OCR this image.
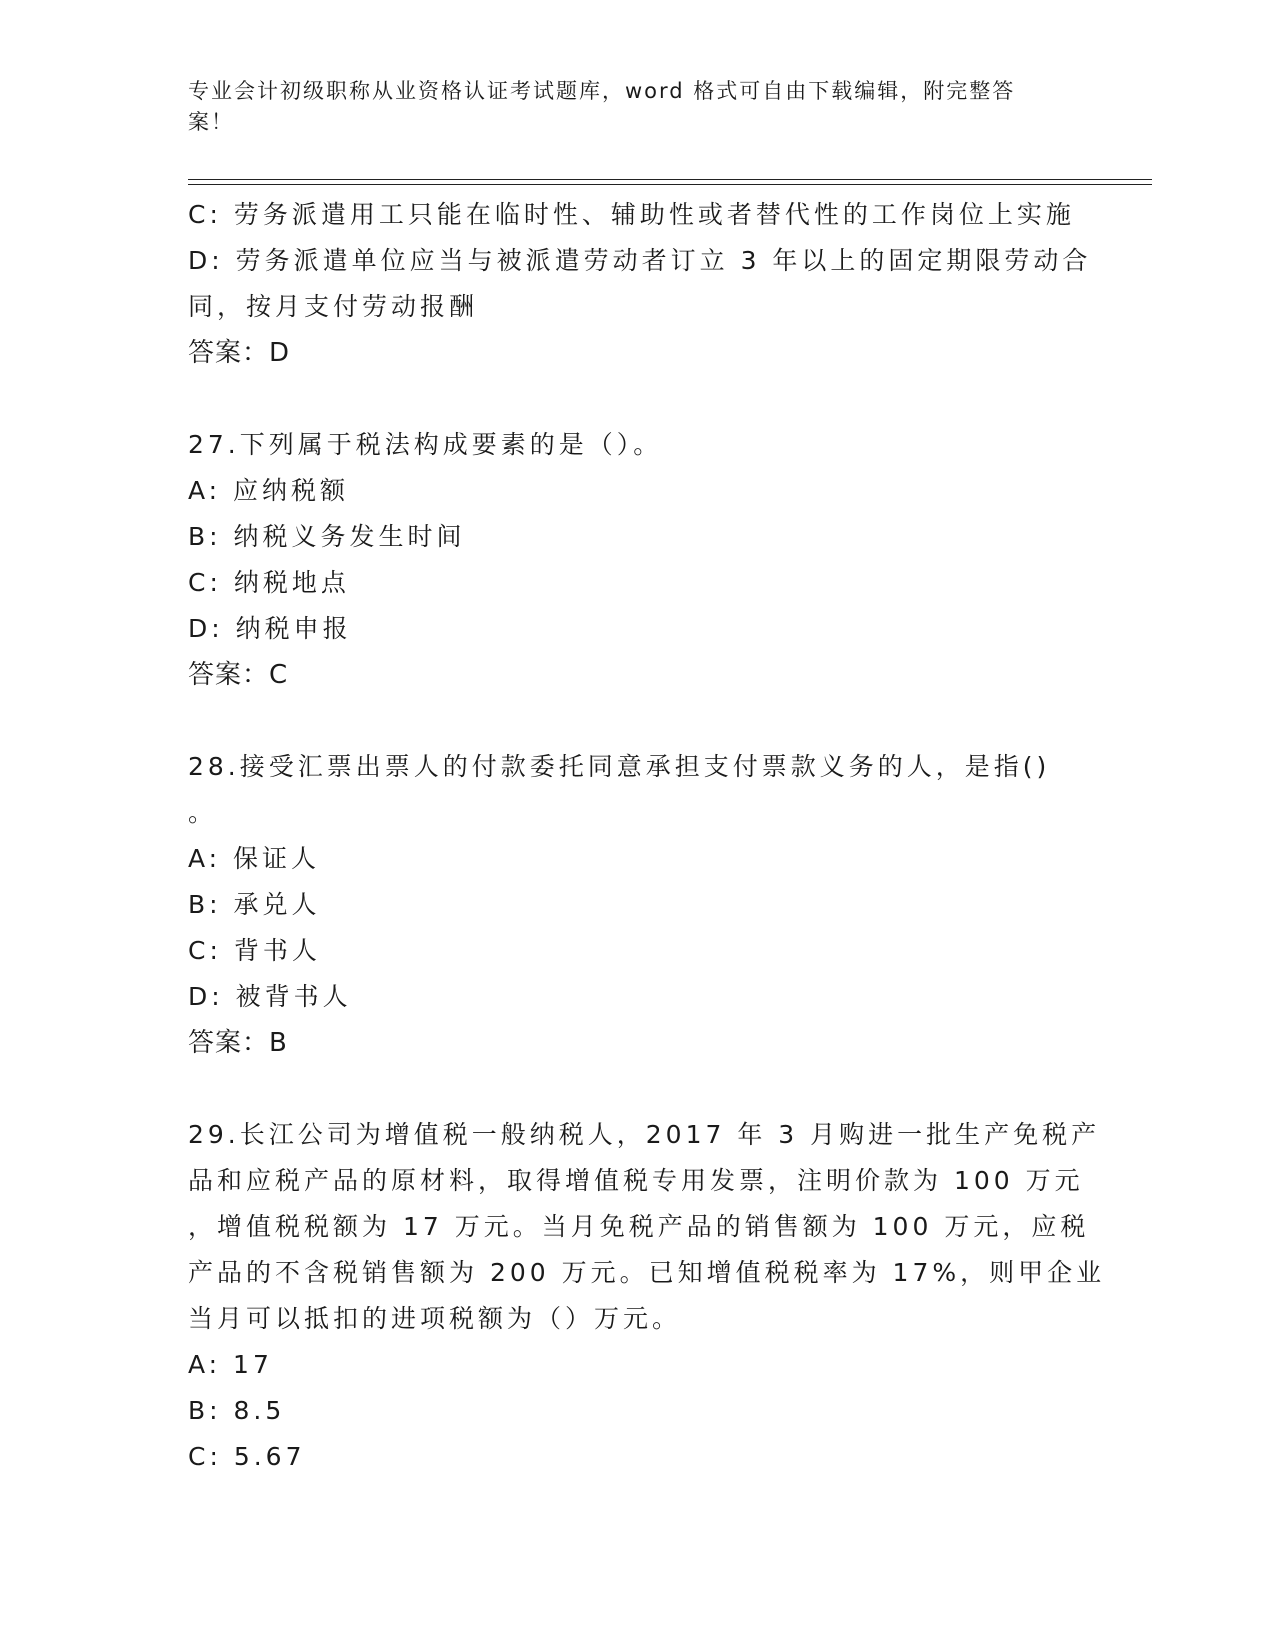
专业会计初级职称从业资格认证考试题库，word 格式可自由下载编辑，附完整答
案！
C: 劳务派遣用工只能在临时性、辅助性或者替代性的工作岗位上实施
D: 劳务派遣单位应当与被派遣劳动者订立 3 年以上的固定期限劳动合
同，按月支付劳动报酬
答案：D
27.下列属于税法构成要素的是（）。
A: 应纳税额
B: 纳税义务发生时间
C: 纳税地点
D: 纳税申报
答案：C
28.接受汇票出票人的付款委托同意承担支付票款义务的人，是指()
。
A: 保证人
B: 承兑人
C: 背书人
D: 被背书人
答案：B
29.长江公司为增值税一般纳税人，2017 年 3 月购进一批生产免税产
品和应税产品的原材料，取得增值税专用发票，注明价款为 100 万元
，增值税税额为 17 万元。当月免税产品的销售额为 100 万元，应税
产品的不含税销售额为 200 万元。已知增值税税率为 17%，则甲企业
当月可以抵扣的进项税额为（）万元。
A: 17
B: 8.5
C: 5.67
